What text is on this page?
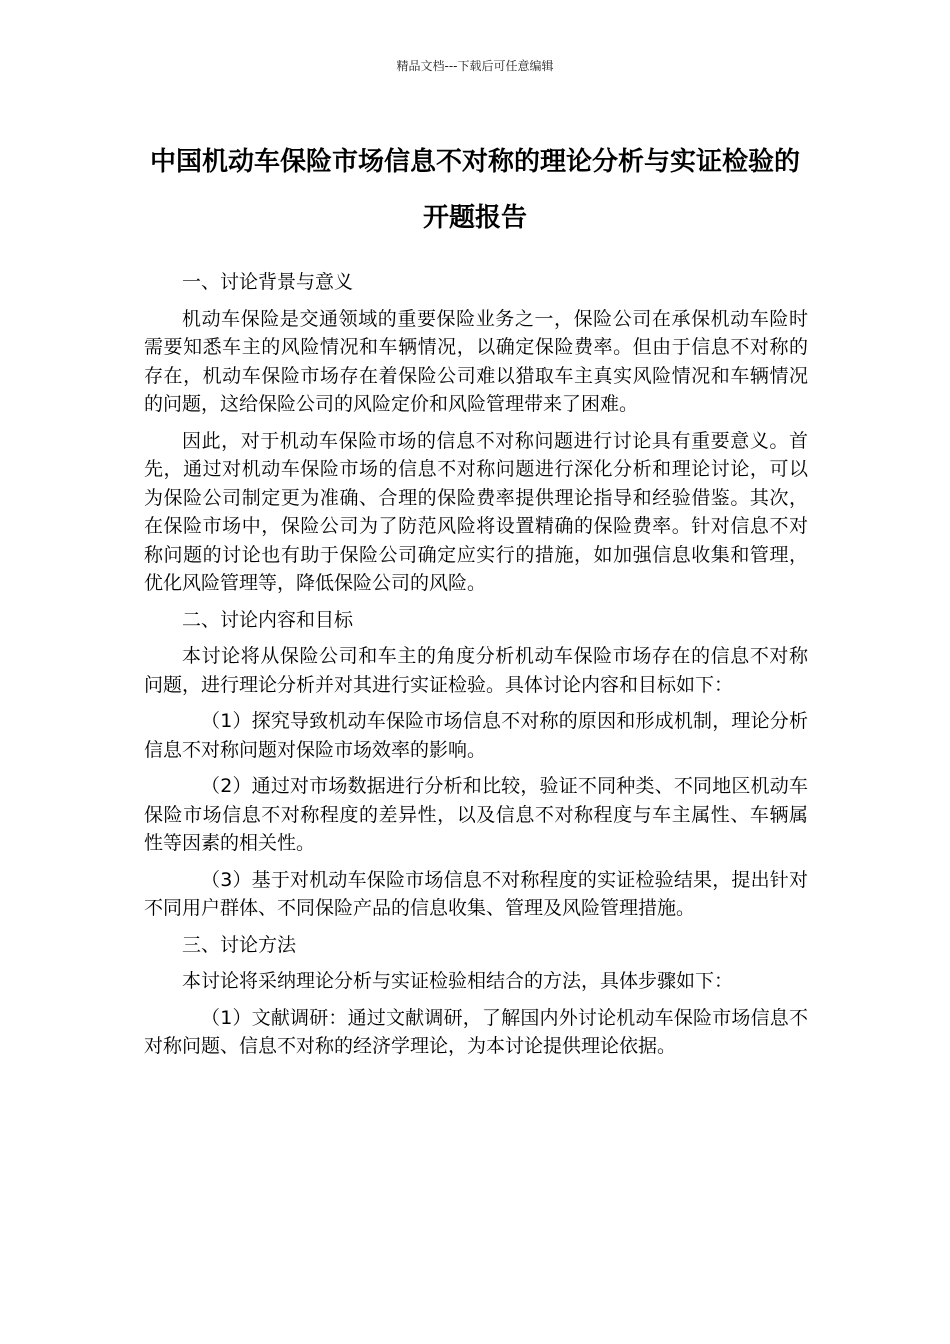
精品文档---下载后可任意编辑
中国机动车保险市场信息不对称的理论分析与实证检验的开题报告

一、讨论背景与意义

机动车保险是交通领域的重要保险业务之一，保险公司在承保机动车险时需要知悉车主的风险情况和车辆情况，以确定保险费率。但由于信息不对称的存在，机动车保险市场存在着保险公司难以猎取车主真实风险情况和车辆情况的问题，这给保险公司的风险定价和风险管理带来了困难。

因此，对于机动车保险市场的信息不对称问题进行讨论具有重要意义。首先，通过对机动车保险市场的信息不对称问题进行深化分析和理论讨论，可以为保险公司制定更为准确、合理的保险费率提供理论指导和经验借鉴。其次，在保险市场中，保险公司为了防范风险将设置精确的保险费率。针对信息不对称问题的讨论也有助于保险公司确定应实行的措施，如加强信息收集和管理，优化风险管理等，降低保险公司的风险。

二、讨论内容和目标

本讨论将从保险公司和车主的角度分析机动车保险市场存在的信息不对称问题，进行理论分析并对其进行实证检验。具体讨论内容和目标如下：

（1）探究导致机动车保险市场信息不对称的原因和形成机制，理论分析信息不对称问题对保险市场效率的影响。

（2）通过对市场数据进行分析和比较，验证不同种类、不同地区机动车保险市场信息不对称程度的差异性，以及信息不对称程度与车主属性、车辆属性等因素的相关性。

（3）基于对机动车保险市场信息不对称程度的实证检验结果，提出针对不同用户群体、不同保险产品的信息收集、管理及风险管理措施。

三、讨论方法

本讨论将采纳理论分析与实证检验相结合的方法，具体步骤如下：

（1）文献调研：通过文献调研，了解国内外讨论机动车保险市场信息不对称问题、信息不对称的经济学理论，为本讨论提供理论依据。
